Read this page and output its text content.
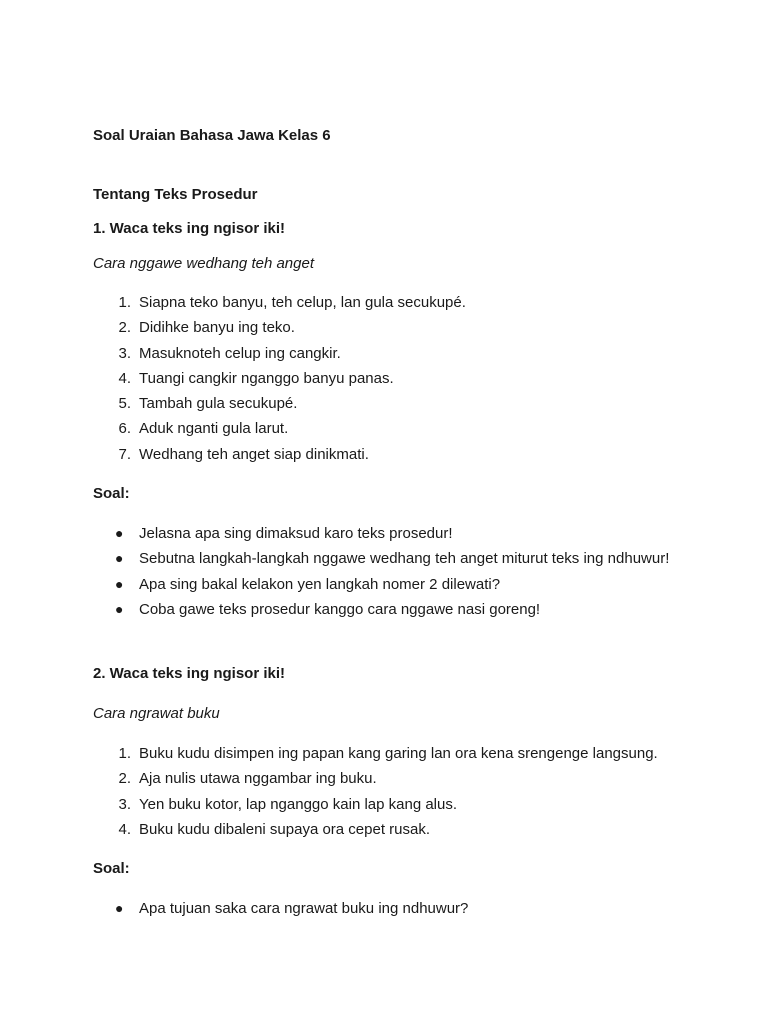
Soal Uraian Bahasa Jawa Kelas 6

Tentang Teks Prosedur

1. Waca teks ing ngisor iki!

Cara nggawe wedhang teh anget

1. Siapna teko banyu, teh celup, lan gula secukupé.
2. Didihke banyu ing teko.
3. Masuknoteh celup ing cangkir.
4. Tuangi cangkir nganggo banyu panas.
5. Tambah gula secukupé.
6. Aduk nganti gula larut.
7. Wedhang teh anget siap dinikmati.

Soal:

● Jelasna apa sing dimaksud karo teks prosedur!
● Sebutna langkah-langkah nggawe wedhang teh anget miturut teks ing ndhuwur!
● Apa sing bakal kelakon yen langkah nomer 2 dilewati?
● Coba gawe teks prosedur kanggo cara nggawe nasi goreng!

2. Waca teks ing ngisor iki!

Cara ngrawat buku

1. Buku kudu disimpen ing papan kang garing lan ora kena srengenge langsung.
2. Aja nulis utawa nggambar ing buku.
3. Yen buku kotor, lap nganggo kain lap kang alus.
4. Buku kudu dibaleni supaya ora cepet rusak.

Soal:

● Apa tujuan saka cara ngrawat buku ing ndhuwur?
